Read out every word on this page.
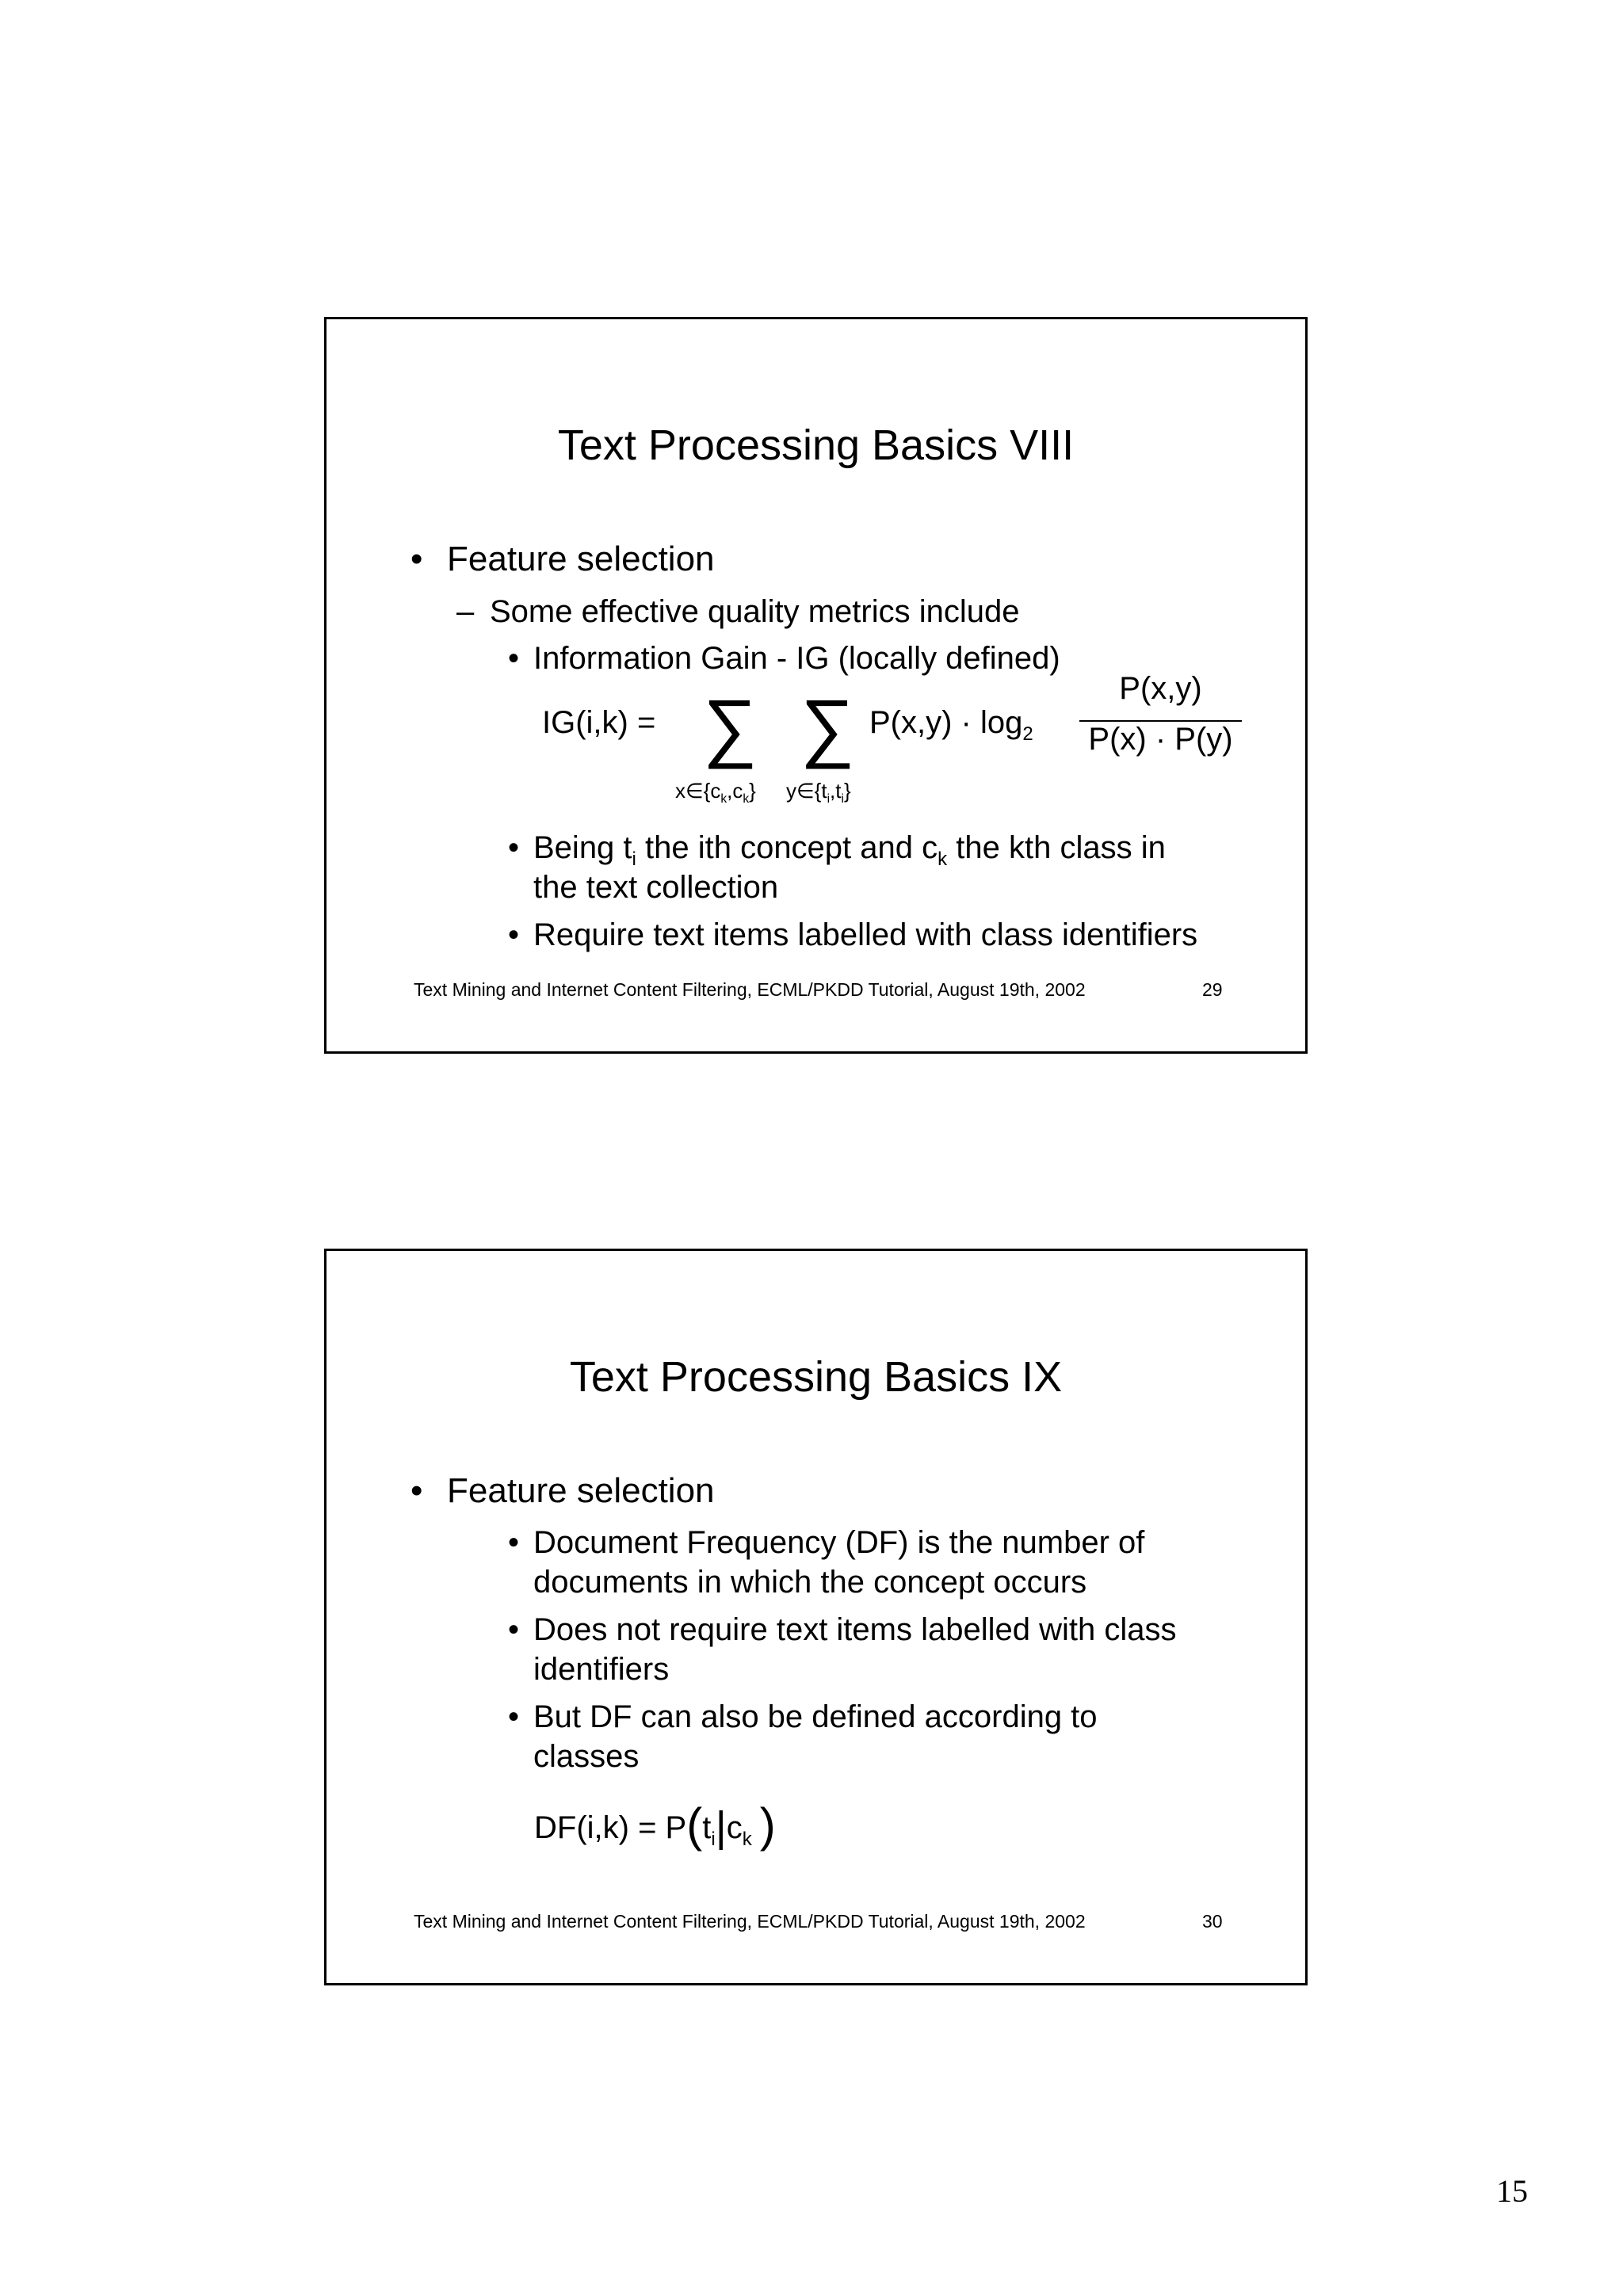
Text Processing Basics VIII
• Feature selection
– Some effective quality metrics include
• Information Gain - IG (locally defined)
IG(i,k) = ∑ ∑
$x\in\{c_k,c_k\}$ $y\in\{t_i,t_i\}$
$P(x,y) \cdot \log_2$
P(x,y)
P(x) · P(y)
• Being $t_i$ the ith concept and $c_k$ the kth class in
the text collection
• Require text items labelled with class identifiers
Text Mining and Internet Content Filtering, ECML/PKDD Tutorial, August 19th, 2002	29
Text Processing Basics IX
• Feature selection
• Document Frequency (DF) is the number of
documents in which the concept occurs
• Does not require text items labelled with class
identifiers
• But DF can also be defined according to
classes
$DF(i,k) = P(t_i|c_k$ )
Text Mining and Internet Content Filtering, ECML/PKDD Tutorial, August 19th, 2002	30
15
